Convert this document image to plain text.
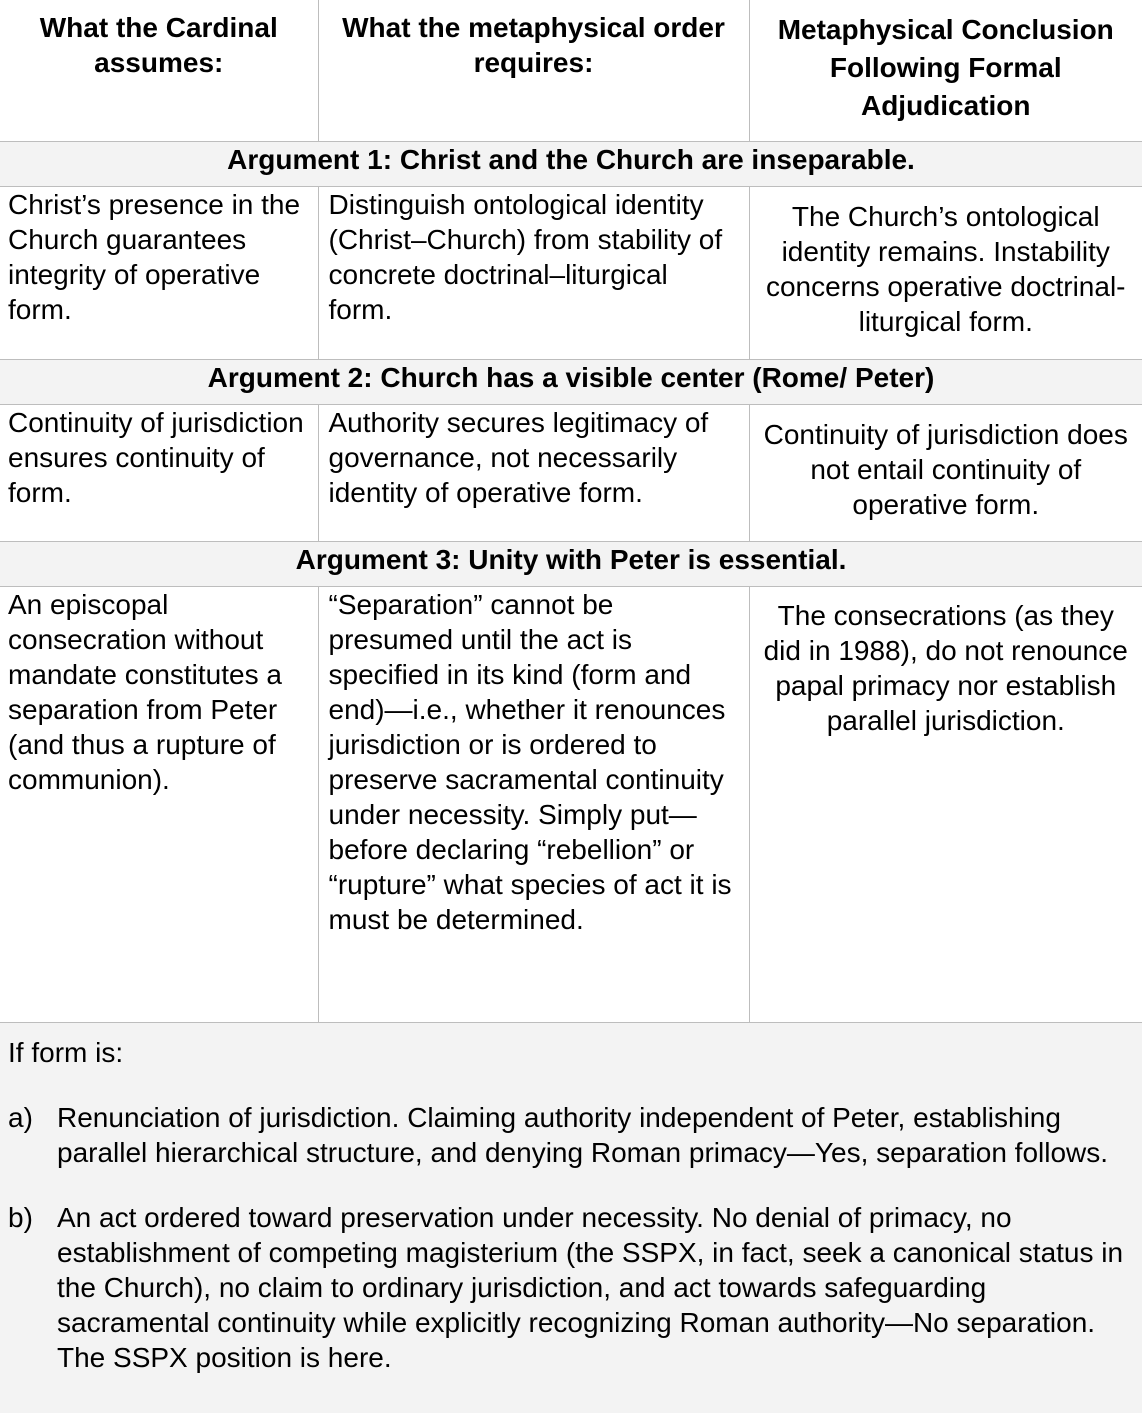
What the Cardinal assumes:	What the metaphysical order requires:	Metaphysical Conclusion Following Formal Adjudication
Argument 1: Christ and the Church are inseparable.		
Christ’s presence in the Church guarantees integrity of operative form.	Distinguish ontological identity (Christ–Church) from stability of concrete doctrinal–liturgical form.	The Church’s ontological identity remains. Instability concerns operative doctrinal-liturgical form.
Argument 2: Church has a visible center (Rome/ Peter)		
Continuity of jurisdiction ensures continuity of form.	Authority secures legitimacy of governance, not necessarily identity of operative form.	Continuity of jurisdiction does not entail continuity of operative form.
Argument 3: Unity with Peter is essential.		
An episcopal consecration without mandate constitutes a separation from Peter (and thus a rupture of communion).	“Separation” cannot be presumed until the act is specified in its kind (form and end)—i.e., whether it renounces jurisdiction or is ordered to preserve sacramental continuity under necessity. Simply put—before declaring “rebellion” or “rupture” what species of act it is must be determined.	The consecrations (as they did in 1988), do not renounce papal primacy nor establish parallel jurisdiction.

If form is:

a) Renunciation of jurisdiction. Claiming authority independent of Peter, establishing parallel hierarchical structure, and denying Roman primacy—Yes, separation follows.
b) An act ordered toward preservation under necessity. No denial of primacy, no establishment of competing magisterium (the SSPX, in fact, seek a canonical status in the Church), no claim to ordinary jurisdiction, and act towards safeguarding sacramental continuity while explicitly recognizing Roman authority—No separation. The SSPX position is here.		
